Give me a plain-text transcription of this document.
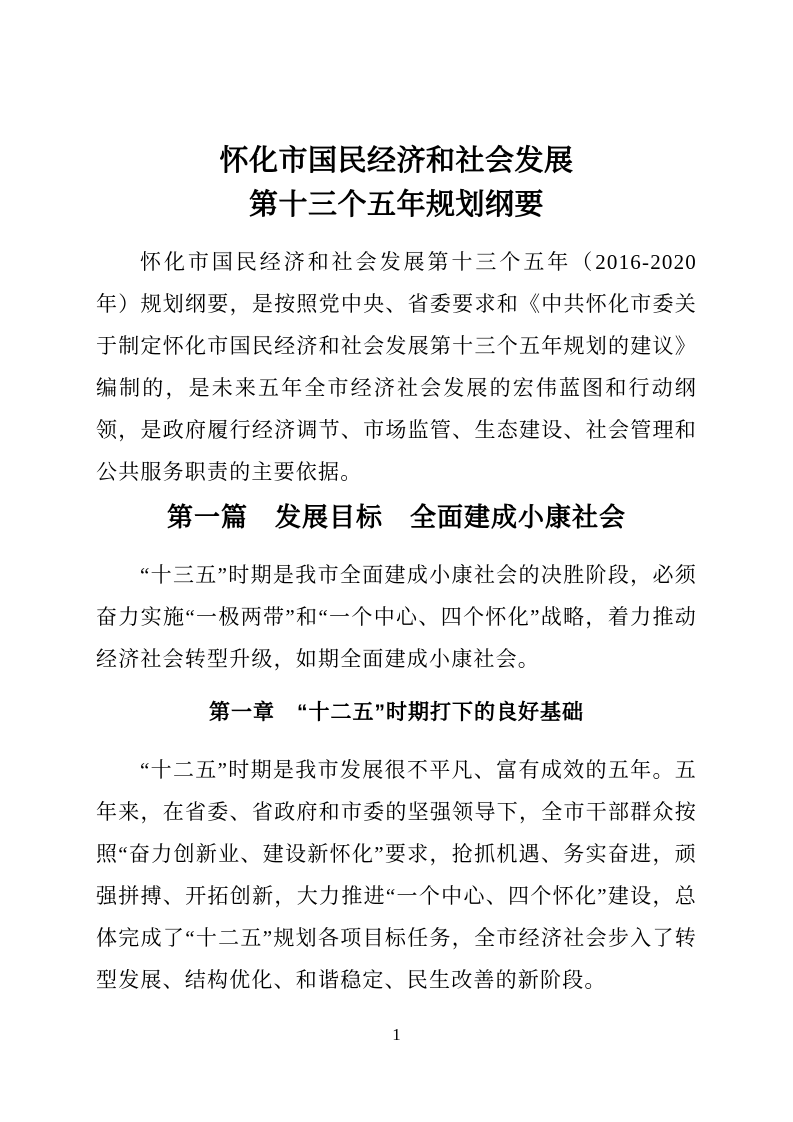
怀化市国民经济和社会发展
第十三个五年规划纲要

怀化市国民经济和社会发展第十三个五年（2016-2020 年）规划纲要，是按照党中央、省委要求和《中共怀化市委关于制定怀化市国民经济和社会发展第十三个五年规划的建议》编制的，是未来五年全市经济社会发展的宏伟蓝图和行动纲领，是政府履行经济调节、市场监管、生态建设、社会管理和公共服务职责的主要依据。

第一篇　发展目标　全面建成小康社会

“十三五”时期是我市全面建成小康社会的决胜阶段，必须奋力实施“一极两带”和“一个中心、四个怀化”战略，着力推动经济社会转型升级，如期全面建成小康社会。

第一章　“十二五”时期打下的良好基础

“十二五”时期是我市发展很不平凡、富有成效的五年。五年来，在省委、省政府和市委的坚强领导下，全市干部群众按照“奋力创新业、建设新怀化”要求，抢抓机遇、务实奋进，顽强拼搏、开拓创新，大力推进“一个中心、四个怀化”建设，总体完成了“十二五”规划各项目标任务，全市经济社会步入了转型发展、结构优化、和谐稳定、民生改善的新阶段。

1
